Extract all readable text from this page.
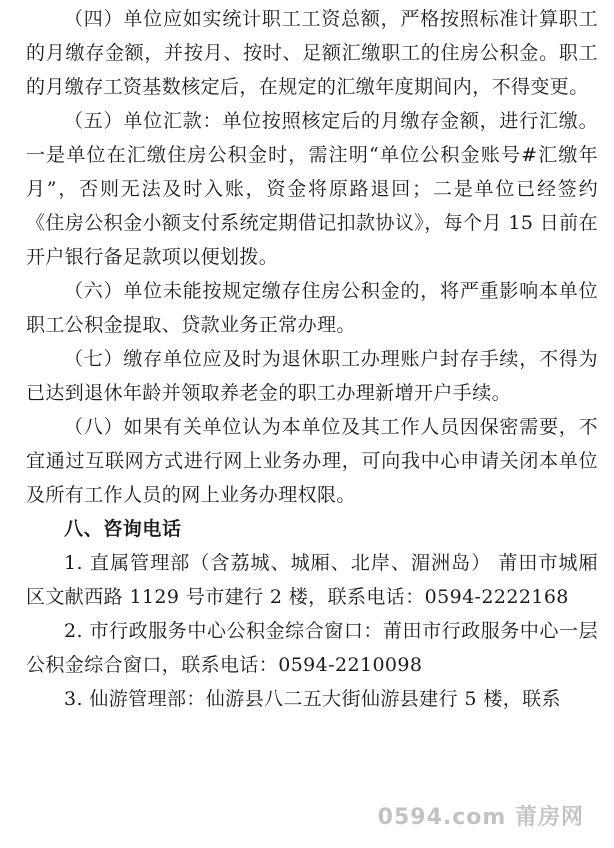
（四）单位应如实统计职工工资总额，严格按照标准计算职工的月缴存金额，并按月、按时、足额汇缴职工的住房公积金。职工的月缴存工资基数核定后，在规定的汇缴年度期间内，不得变更。

（五）单位汇款：单位按照核定后的月缴存金额，进行汇缴。一是单位在汇缴住房公积金时，需注明“单位公积金账号#汇缴年月”，否则无法及时入账，资金将原路退回；二是单位已经签约《住房公积金小额支付系统定期借记扣款协议》，每个月 15 日前在开户银行备足款项以便划拨。

（六）单位未能按规定缴存住房公积金的，将严重影响本单位职工公积金提取、贷款业务正常办理。

（七）缴存单位应及时为退休职工办理账户封存手续，不得为已达到退休年龄并领取养老金的职工办理新增开户手续。

（八）如果有关单位认为本单位及其工作人员因保密需要，不宜通过互联网方式进行网上业务办理，可向我中心申请关闭本单位及所有工作人员的网上业务办理权限。

八、咨询电话

1. 直属管理部（含荔城、城厢、北岸、湄洲岛） 莆田市城厢区文献西路 1129 号市建行 2 楼，联系电话：0594-2222168

2. 市行政服务中心公积金综合窗口：莆田市行政服务中心一层公积金综合窗口，联系电话：0594-2210098

3. 仙游管理部：仙游县八二五大街仙游县建行 5 楼，联系

0594.com 莆房网
